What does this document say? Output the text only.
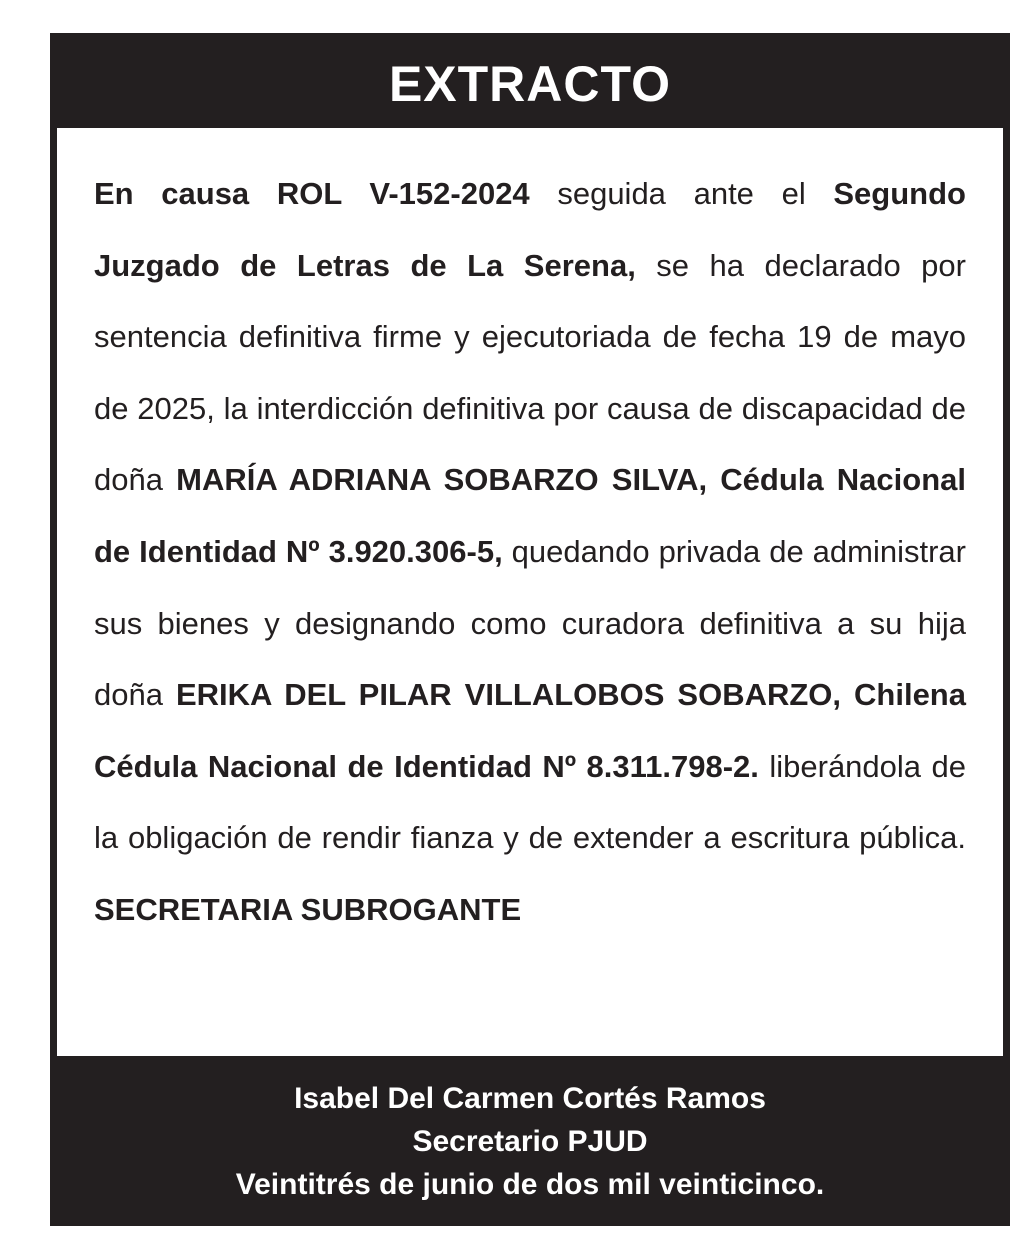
EXTRACTO

En causa ROL V-152-2024 seguida ante el Segundo Juzgado de Letras de La Serena, se ha declarado por sentencia definitiva firme y ejecutoriada de fecha 19 de mayo de 2025, la interdicción definitiva por causa de discapacidad de doña MARÍA ADRIANA SOBARZO SILVA, Cédula Nacional de Identidad Nº 3.920.306-5, quedando privada de administrar sus bienes y designando como curadora definitiva a su hija doña ERIKA DEL PILAR VILLALOBOS SOBARZO, Chilena Cédula Nacional de Identidad Nº 8.311.798-2. liberándola de la obligación de rendir fianza y de extender a escritura pública. SECRETARIA SUBROGANTE

Isabel Del Carmen Cortés Ramos
Secretario PJUD
Veintitrés de junio de dos mil veinticinco.
